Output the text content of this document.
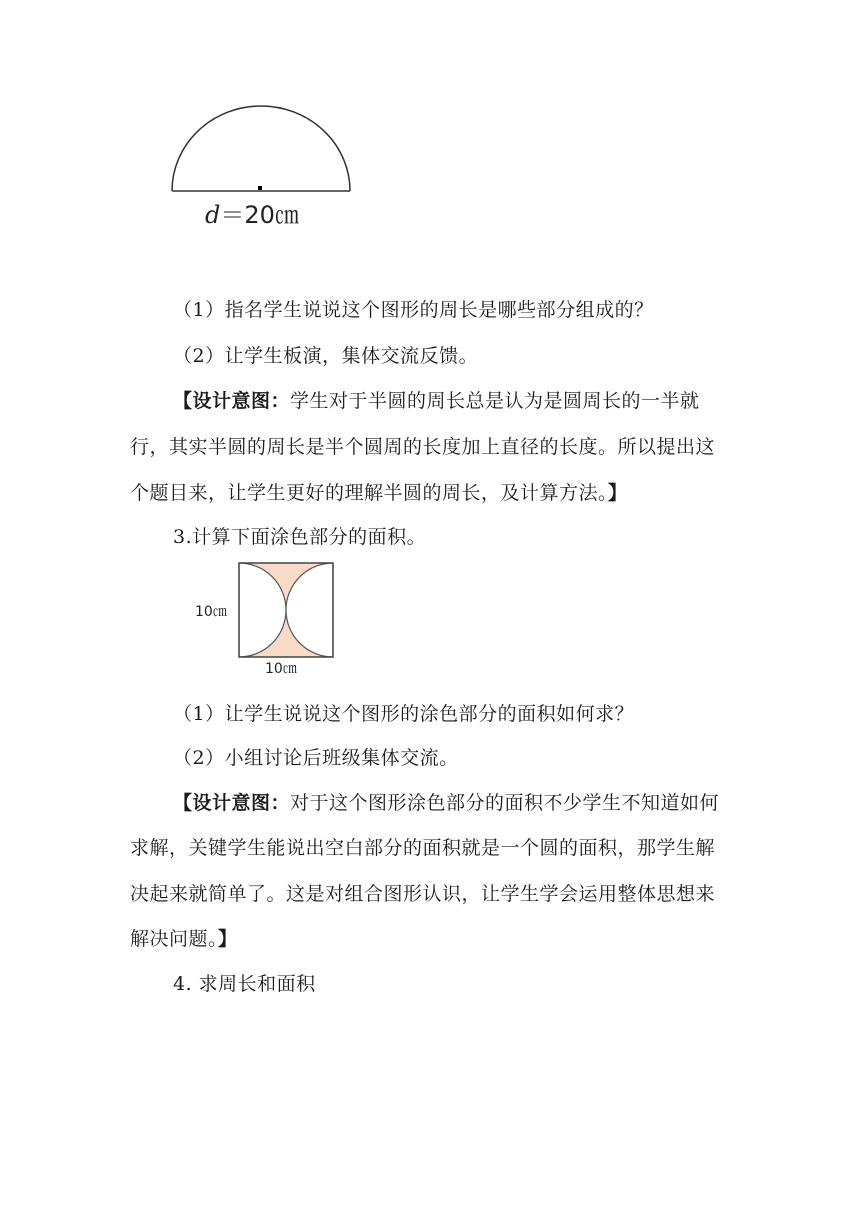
d＝20㎝
（1）指名学生说说这个图形的周长是哪些部分组成的？
（2）让学生板演，集体交流反馈。
【设计意图：学生对于半圆的周长总是认为是圆周长的一半就
行，其实半圆的周长是半个圆周的长度加上直径的长度。所以提出这
个题目来，让学生更好的理解半圆的周长，及计算方法。】
3.计算下面涂色部分的面积。
10㎝
10㎝
（1）让学生说说这个图形的涂色部分的面积如何求？
（2）小组讨论后班级集体交流。
【设计意图：对于这个图形涂色部分的面积不少学生不知道如何
求解，关键学生能说出空白部分的面积就是一个圆的面积，那学生解
决起来就简单了。这是对组合图形认识，让学生学会运用整体思想来
解决问题。】
4. 求周长和面积
